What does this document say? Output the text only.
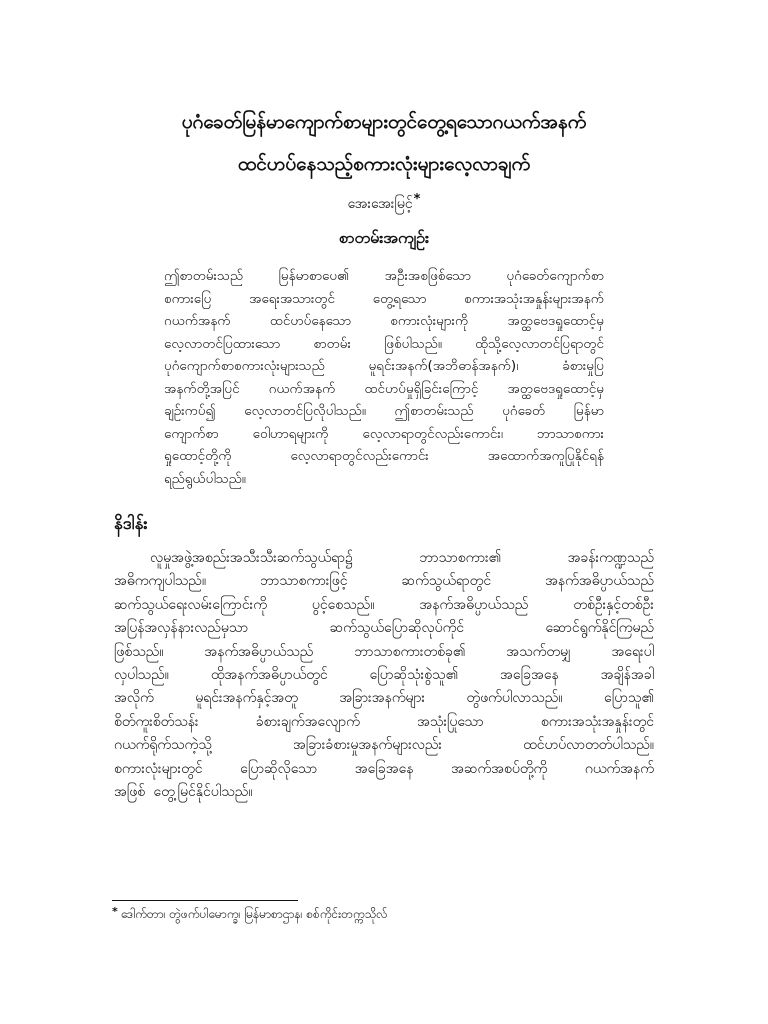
ပုဂံခေတ်မြန်မာကျောက်စာများတွင်တွေ့ရသောဂယက်အနက်
ထင်ဟပ်နေသည့်စကားလုံးများလေ့လာချက်
အေးအေးမြင့်*
စာတမ်းအကျဉ်း
ဤစာတမ်းသည်	မြန်မာစာပေ၏	အဦးအစဖြစ်သော	ပုဂံခေတ်ကျောက်စာ
စကားပြေ	အရေးအသားတွင်	တွေ့ရသော	စကားအသုံးအနှုန်းများအနက်
ဂယက်အနက်	ထင်ဟပ်နေသော	စကားလုံးများကို	အတ္ထဗေဒရှုထောင့်မှ
လေ့လာတင်ပြထားသော စာတမ်း ဖြစ်ပါသည်။ ထိုသို့လေ့လာတင်ပြရာတွင်
ပုဂံကျောက်စာစကားလုံးများသည်	မူရင်းအနက်(အဘိဓာန်အနက်)၊	ခံစားမှုပြ
အနက်တို့အပြင် ဂယက်အနက် ထင်ဟပ်မှုရှိခြင်းကြောင့် အတ္ထဗေဒရှုထောင့်မှ
ချဉ်းကပ်၍ လေ့လာတင်ပြလိုပါသည်။ ဤစာတမ်းသည် ပုဂံခေတ် မြန်မာ
ကျောက်စာ	ဝေါဟာရများကို	လေ့လာရာတွင်လည်းကောင်း၊	ဘာသာစကား
ရှုထောင့်တို့ကို	လေ့လာရာတွင်လည်းကောင်း	အထောက်အကူပြုနိုင်ရန်
ရည်ရွယ်ပါသည်။
နိဒါန်း
လူမှုအဖွဲ့အစည်းအသီးသီးဆက်သွယ်ရာ၌	ဘာသာစကား၏	အခန်းကဏ္ဍသည်
အဓိကကျပါသည်။	ဘာသာစကားဖြင့်	ဆက်သွယ်ရာတွင်	အနက်အဓိပ္ပာယ်သည်
ဆက်သွယ်ရေးလမ်းကြောင်းကို	ပွင့်စေသည်။	အနက်အဓိပ္ပာယ်သည်	တစ်ဦးနှင့်တစ်ဦး
အပြန်အလှန်နားလည်မှသာ	ဆက်သွယ်ပြောဆိုလုပ်ကိုင်	ဆောင်ရွက်နိုင်ကြမည်
ဖြစ်သည်။	အနက်အဓိပ္ပာယ်သည်	ဘာသာစကားတစ်ခု၏	အသက်တမျှ	အရေးပါ
လှပါသည်။	ထိုအနက်အဓိပ္ပာယ်တွင်	ပြောဆိုသုံးစွဲသူ၏	အခြေအနေ	အချိန်အခါ
အလိုက်	မူရင်းအနက်နှင့်အတူ	အခြားအနက်များ	တွဲဖက်ပါလာသည်။	ပြောသူ၏
စိတ်ကူးစိတ်သန်း	ခံစားချက်အလျောက်	အသုံးပြုသော	စကားအသုံးအနှုန်းတွင်
ဂယက်ရိုက်သကဲ့သို့	အခြားခံစားမှုအနက်များလည်း	ထင်ဟပ်လာတတ်ပါသည်။
စကားလုံးများတွင်	ပြောဆိုလိုသော	အခြေအနေ	အဆက်အစပ်တို့ကို	ဂယက်အနက်
အဖြစ် တွေ့မြင်နိုင်ပါသည်။
* ဒေါက်တာ၊ တွဲဖက်ပါမောက္ခ၊ မြန်မာစာဌာန၊ စစ်ကိုင်းတက္ကသိုလ်
